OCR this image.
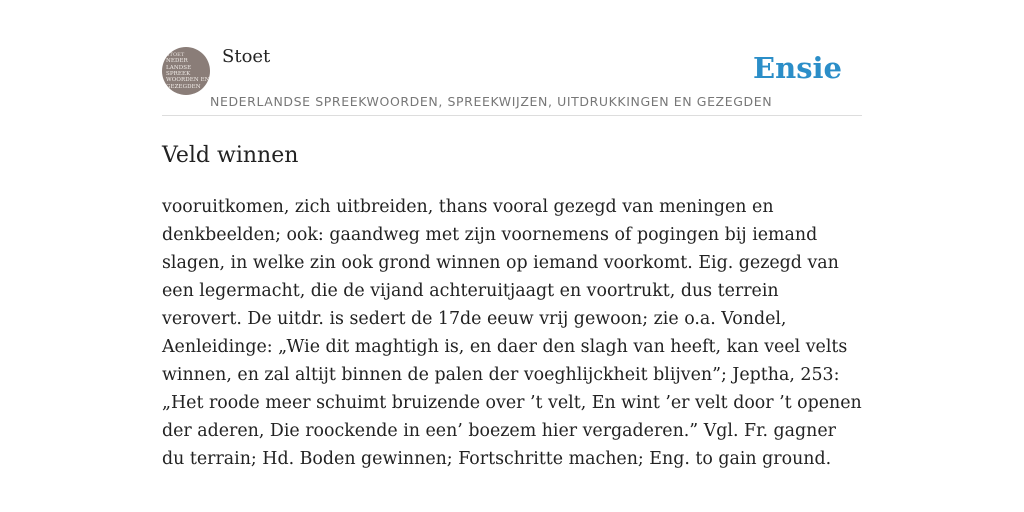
STOET
NEDER
LANDSE
SPREEK
WOORDEN EN
GEZEGDEN
Stoet
NEDERLANDSE SPREEKWOORDEN, SPREEKWIJZEN, UITDRUKKINGEN EN GEZEGDEN
Ensie
Veld winnen

vooruitkomen, zich uitbreiden, thans vooral gezegd van meningen en denkbeelden; ook: gaandweg met zijn voornemens of pogingen bij iemand slagen, in welke zin ook grond winnen op iemand voorkomt. Eig. gezegd van een legermacht, die de vijand achteruitjaagt en voortrukt, dus terrein verovert. De uitdr. is sedert de 17de eeuw vrij gewoon; zie o.a. Vondel, Aenleidinge: „Wie dit maghtigh is, en daer den slagh van heeft, kan veel velts winnen, en zal altijt binnen de palen der voeghlijckheit blijven”; Jeptha, 253: „Het roode meer schuimt bruizende over ’t velt, En wint ’er velt door ’t openen der aderen, Die roockende in een’ boezem hier vergaderen.” Vgl. Fr. gagner du terrain; Hd. Boden gewinnen; Fortschritte machen; Eng. to gain ground.
